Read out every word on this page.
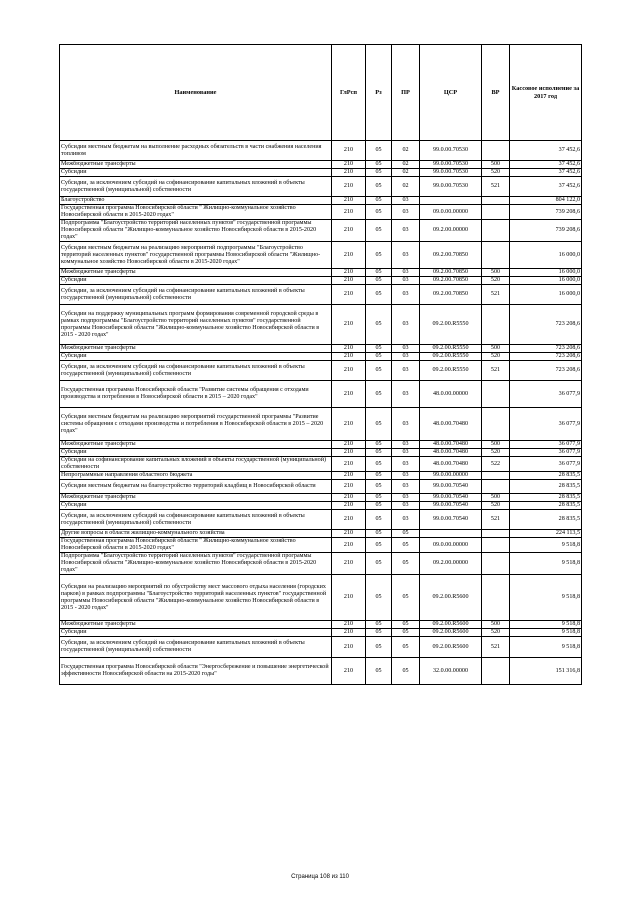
Наименование	ГлРсп	Рз	ПР	ЦСР	ВР	Кассовое исполнение за 2017 год
Субсидии местным бюджетам на выполнение расходных обязательств в части снабжения населения топливом	210	05	02	99.0.00.70530		37 452,6
Межбюджетные трансферты	210	05	02	99.0.00.70530	500	37 452,6
Субсидии	210	05	02	99.0.00.70530	520	37 452,6
Субсидии, за исключением субсидий на софинансирование капитальных вложений в объекты государственной (муниципальной) собственности	210	05	02	99.0.00.70530	521	37 452,6
Благоустройство	210	05	03			804 122,0
Государственная программа Новосибирской области " Жилищно-коммунальное хозяйство Новосибирской области в 2015-2020 годах"	210	05	03	09.0.00.00000		739 208,6
Подпрограмма "Благоустройство территорий населенных пунктов" государственной программы Новосибирской области "Жилищно-коммунальное хозяйство Новосибирской области в 2015-2020 годах"	210	05	03	09.2.00.00000		739 208,6
Субсидии местным бюджетам на реализацию мероприятий подпрограммы "Благоустройство территорий населенных пунктов" государственной программы Новосибирской области "Жилищно-коммунальное хозяйство Новосибирской области в 2015-2020 годах"	210	05	03	09.2.00.70850		16 000,0
Межбюджетные трансферты	210	05	03	09.2.00.70850	500	16 000,0
Субсидии	210	05	03	09.2.00.70850	520	16 000,0
Субсидии, за исключением субсидий на софинансирование капитальных вложений в объекты государственной (муниципальной) собственности	210	05	03	09.2.00.70850	521	16 000,0
Субсидии на поддержку муниципальных программ формирования современной городской среды в рамках подпрограммы "Благоустройство территорий населенных пунктов" государственной программы Новосибирской области "Жилищно-коммунальное хозяйство Новосибирской области в 2015 - 2020 годах"	210	05	03	09.2.00.R5550		723 208,6
Межбюджетные трансферты	210	05	03	09.2.00.R5550	500	723 208,6
Субсидии	210	05	03	09.2.00.R5550	520	723 208,6
Субсидии, за исключением субсидий на софинансирование капитальных вложений в объекты государственной (муниципальной) собственности	210	05	03	09.2.00.R5550	521	723 208,6
Государственная программа Новосибирской области "Развитие системы обращения с отходами производства и потребления в Новосибирской области в 2015 – 2020 годах"	210	05	03	48.0.00.00000		36 077,9
Субсидии местным бюджетам на реализацию мероприятий государственной программы "Развитие системы обращения с отходами производства и потребления в Новосибирской области в 2015 – 2020 годах"	210	05	03	48.0.00.70480		36 077,9
Межбюджетные трансферты	210	05	03	48.0.00.70480	500	36 077,9
Субсидии	210	05	03	48.0.00.70480	520	36 077,9
Субсидии на софинансирование капитальных вложений в объекты государственной (муниципальной) собственности	210	05	03	48.0.00.70480	522	36 077,9
Непрограммные направления областного бюджета	210	05	03	99.0.00.00000		28 835,5
Субсидии местным бюджетам на благоустройство территорий кладбищ в Новосибирской области	210	05	03	99.0.00.70540		28 835,5
Межбюджетные трансферты	210	05	03	99.0.00.70540	500	28 835,5
Субсидии	210	05	03	99.0.00.70540	520	28 835,5
Субсидии, за исключением субсидий на софинансирование капитальных вложений в объекты государственной (муниципальной) собственности	210	05	03	99.0.00.70540	521	28 835,5
Другие вопросы в области жилищно-коммунального хозяйства	210	05	05			224 113,5
Государственная программа Новосибирской области " Жилищно-коммунальное хозяйство Новосибирской области в 2015-2020 годах"	210	05	05	09.0.00.00000		9 518,8
Подпрограмма "Благоустройство территорий населенных пунктов" государственной программы Новосибирской области "Жилищно-коммунальное хозяйство Новосибирской области в 2015-2020 годах"	210	05	05	09.2.00.00000		9 518,8
Субсидии на реализацию мероприятий по обустройству мест массового отдыха населения (городских парков) в рамках подпрограммы "Благоустройство территорий населенных пунктов" государственной программы Новосибирской области "Жилищно-коммунальное хозяйство Новосибирской области в 2015 - 2020 годах"	210	05	05	09.2.00.R5600		9 518,8
Межбюджетные трансферты	210	05	05	09.2.00.R5600	500	9 518,8
Субсидии	210	05	05	09.2.00.R5600	520	9 518,8
Субсидии, за исключением субсидий на софинансирование капитальных вложений в объекты государственной (муниципальной) собственности	210	05	05	09.2.00.R5600	521	9 518,8
Государственная программа Новосибирской области "Энергосбережение и повышение энергетической эффективности Новосибирской области на 2015-2020 годы"	210	05	05	32.0.00.00000		151 316,8
Страница 108 из 110
